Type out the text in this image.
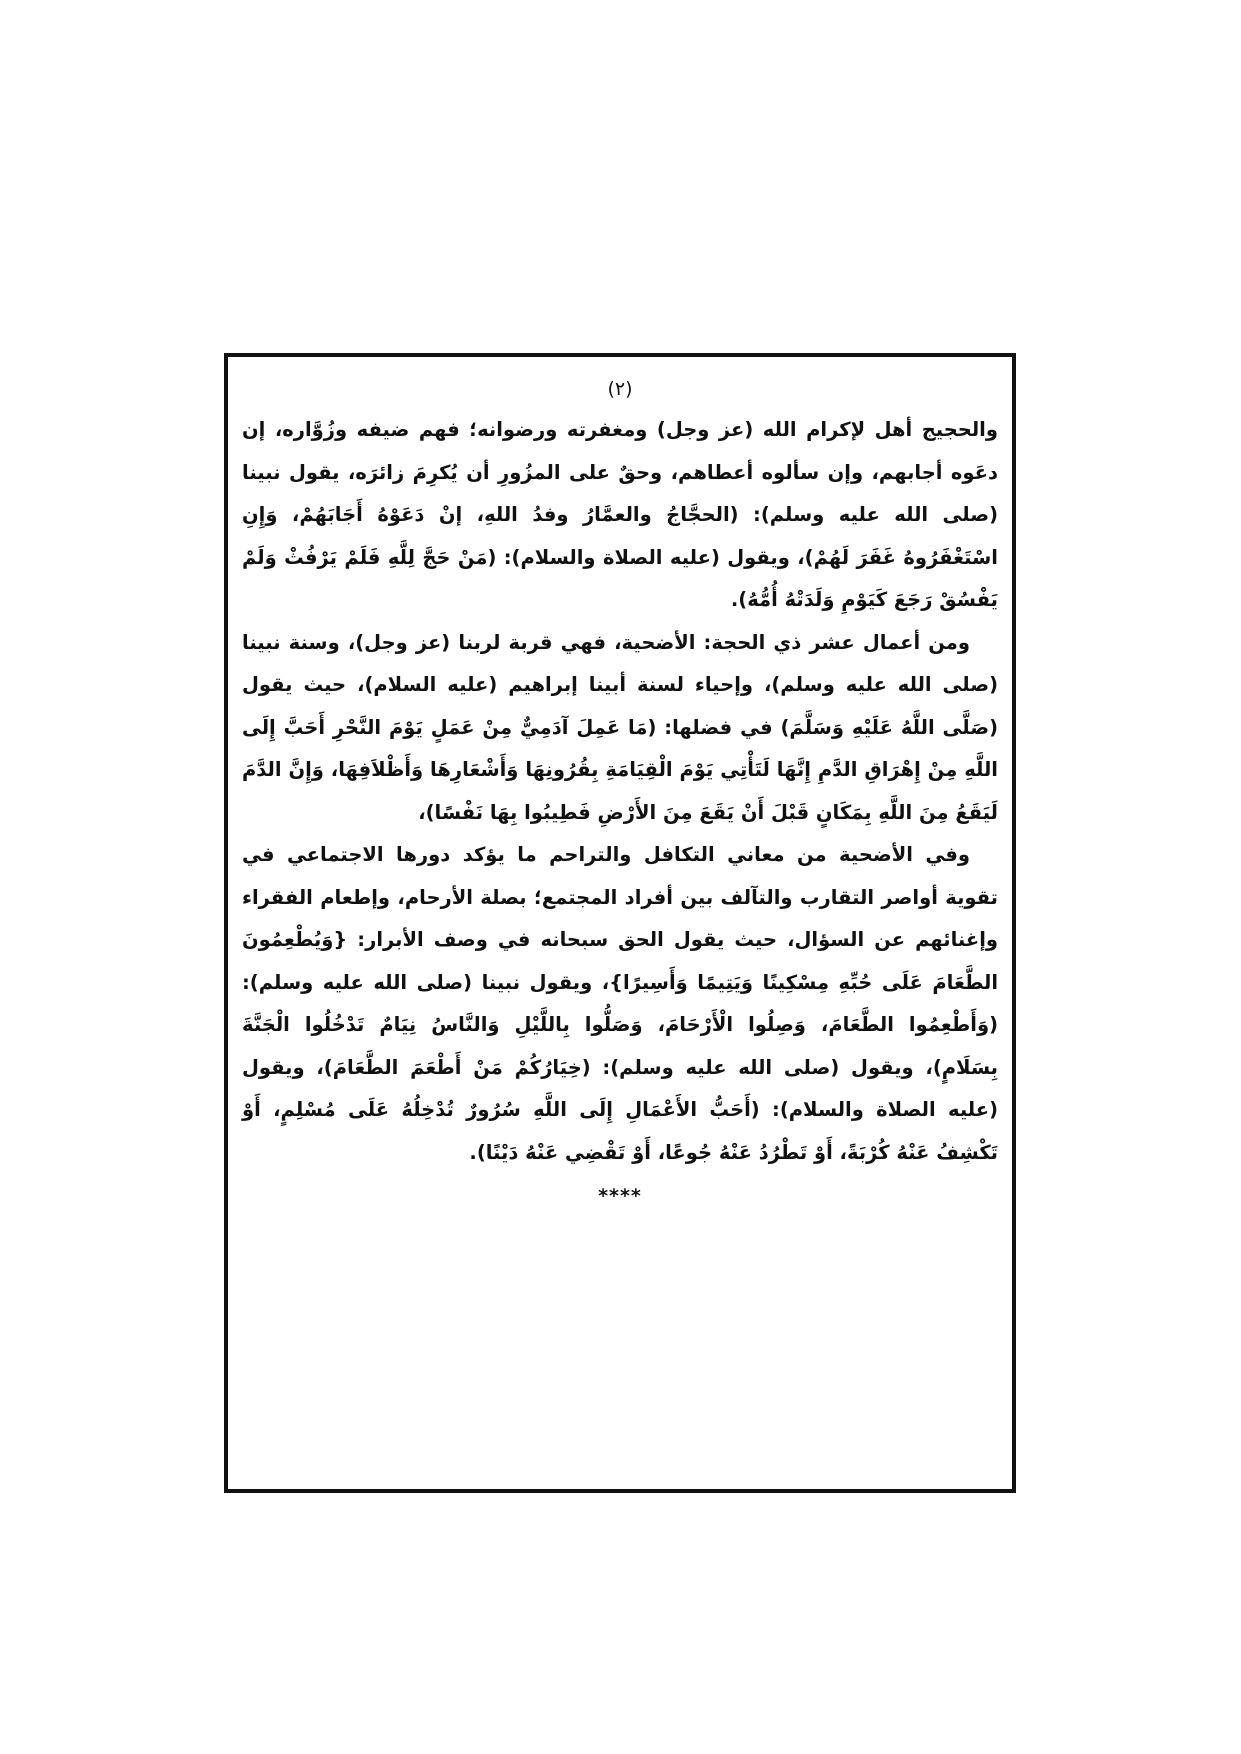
(٢)

والحجيج أهل لإكرام الله (عز وجل) ومغفرته ورضوانه؛ فهم ضيفه وزُوَّاره، إن دعَوه أجابهم، وإن سألوه أعطاهم، وحقٌ على المزُورِ أن يُكرِمَ زائرَه، يقول نبينا (صلى الله عليه وسلم): (الحجَّاجُ والعمَّارُ وفدُ اللهِ، إنْ دَعَوْهُ أَجَابَهُمْ، وَإِنِ اسْتَغْفَرُوهُ غَفَرَ لَهُمْ)، ويقول (عليه الصلاة والسلام): (مَنْ حَجَّ لِلَّهِ فَلَمْ يَرْفُثْ وَلَمْ يَفْسُقْ رَجَعَ كَيَوْمِ وَلَدَتْهُ أُمُّهُ).

ومن أعمال عشر ذي الحجة: الأضحية، فهي قربة لربنا (عز وجل)، وسنة نبينا (صلى الله عليه وسلم)، وإحياء لسنة أبينا إبراهيم (عليه السلام)، حيث يقول (صَلَّى اللَّهُ عَلَيْهِ وَسَلَّمَ) في فضلها: (مَا عَمِلَ آدَمِيٌّ مِنْ عَمَلٍ يَوْمَ النَّحْرِ أَحَبَّ إِلَى اللَّهِ مِنْ إِهْرَاقِ الدَّمِ إِنَّهَا لَتَأْتِي يَوْمَ الْقِيَامَةِ بِقُرُونِهَا وَأَشْعَارِهَا وَأَظْلاَفِهَا، وَإِنَّ الدَّمَ لَيَقَعُ مِنَ اللَّهِ بِمَكَانٍ قَبْلَ أَنْ يَقَعَ مِنَ الأَرْضِ فَطِيبُوا بِهَا نَفْسًا)،

وفي الأضحية من معاني التكافل والتراحم ما يؤكد دورها الاجتماعي في تقوية أواصر التقارب والتآلف بين أفراد المجتمع؛ بصلة الأرحام، وإطعام الفقراء وإغنائهم عن السؤال، حيث يقول الحق سبحانه في وصف الأبرار: {وَيُطْعِمُونَ الطَّعَامَ عَلَى حُبِّهِ مِسْكِينًا وَيَتِيمًا وَأَسِيرًا}، ويقول نبينا (صلى الله عليه وسلم): (وَأَطْعِمُوا الطَّعَامَ، وَصِلُوا الْأَرْحَامَ، وَصَلُّوا بِاللَّيْلِ وَالنَّاسُ نِيَامٌ تَدْخُلُوا الْجَنَّةَ بِسَلَامٍ)، ويقول (صلى الله عليه وسلم): (خِيَارُكُمْ مَنْ أَطْعَمَ الطَّعَامَ)، ويقول (عليه الصلاة والسلام): (أَحَبُّ الأَعْمَالِ إِلَى اللَّهِ سُرُورٌ تُدْخِلُهُ عَلَى مُسْلِمٍ، أَوْ تَكْشِفُ عَنْهُ كُرْبَةً، أَوْ تَطْرُدُ عَنْهُ جُوعًا، أَوْ تَقْضِي عَنْهُ دَيْنًا).

****
